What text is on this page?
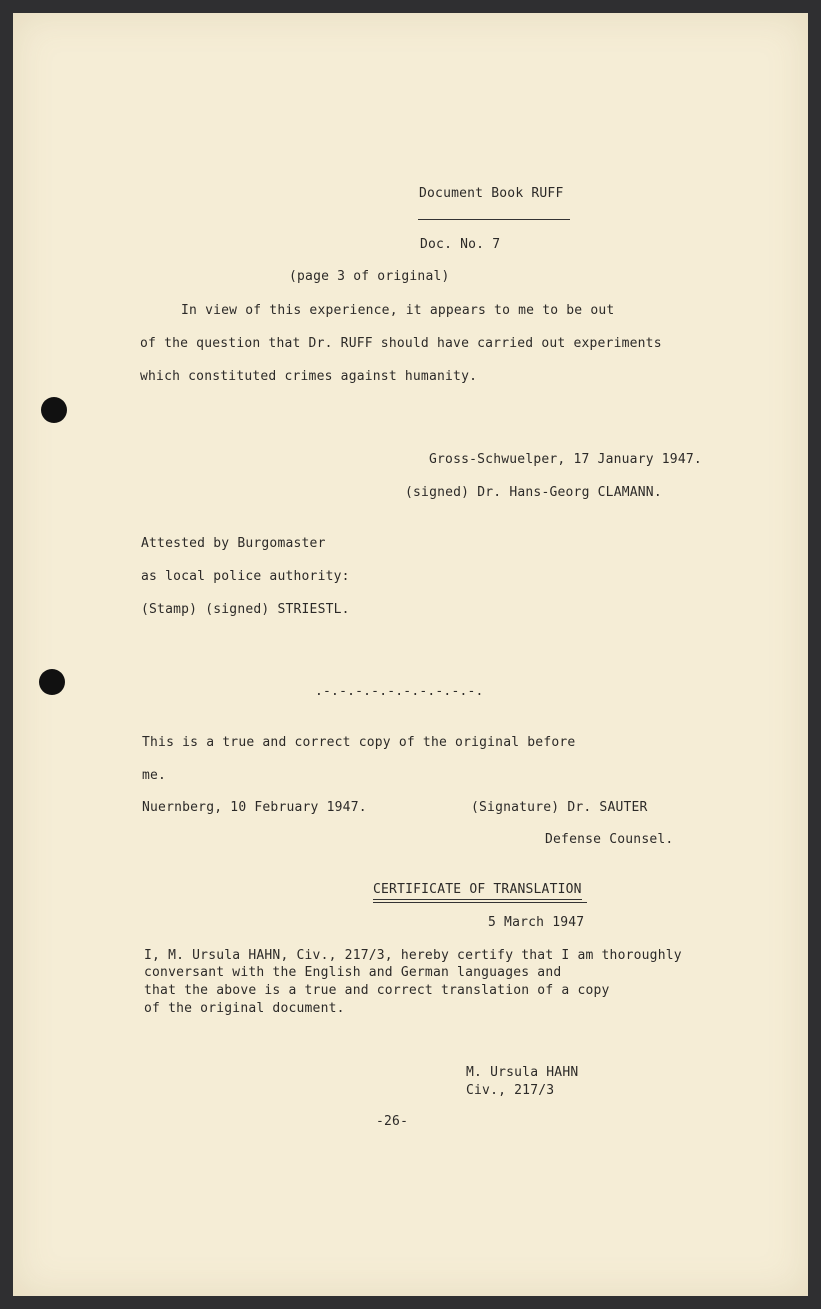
Document Book RUFF
Doc. No. 7
(page 3 of original)
In view of this experience, it appears to me to be out
of the question that Dr. RUFF should have carried out experiments
which constituted crimes against humanity.
Gross-Schwuelper, 17 January 1947.
(signed) Dr. Hans-Georg CLAMANN.
Attested by Burgomaster
as local police authority:
(Stamp) (signed) STRIESTL.
.-.-.-.-.-.-.-.-.-.-.
This is a true and correct copy of the original before
me.
Nuernberg, 10 February 1947.	(Signature) Dr. SAUTER
Defense Counsel.
CERTIFICATE OF TRANSLATION
5 March 1947
I, M. Ursula HAHN, Civ., 217/3, hereby certify that I am thoroughly
conversant with the English and German languages and
that the above is a true and correct translation of a copy
of the original document.
M. Ursula HAHN
Civ., 217/3
-26-
